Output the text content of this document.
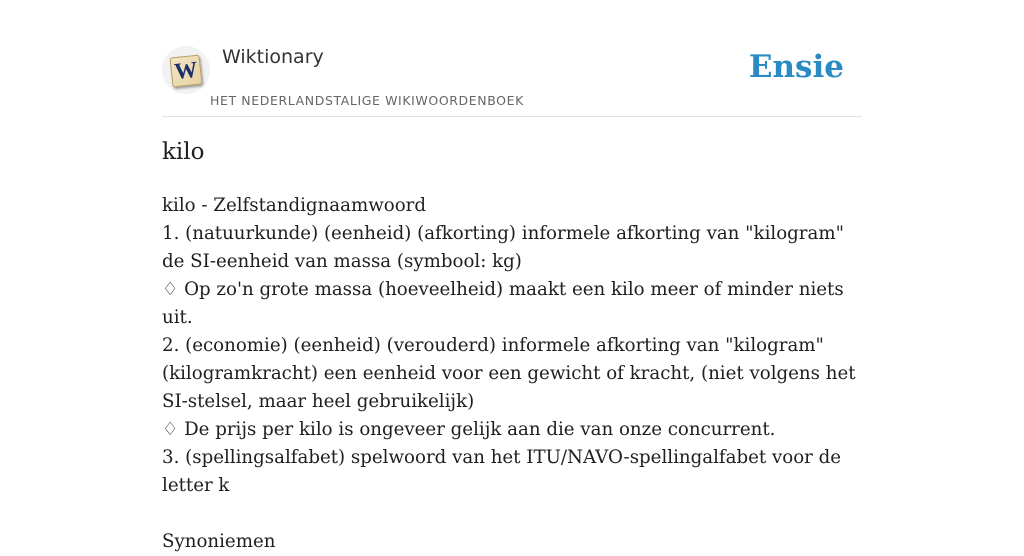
W Wiktionary
HET NEDERLANDSTALIGE WIKIWOORDENBOEK
Ensie
kilo
kilo - Zelfstandignaamwoord
1. (natuurkunde) (eenheid) (afkorting) informele afkorting van "kilogram" de SI-eenheid van massa (symbool: kg)
♢ Op zo'n grote massa (hoeveelheid) maakt een kilo meer of minder niets uit.
2. (economie) (eenheid) (verouderd) informele afkorting van "kilogram" (kilogramkracht) een eenheid voor een gewicht of kracht, (niet volgens het SI-stelsel, maar heel gebruikelijk)
♢ De prijs per kilo is ongeveer gelijk aan die van onze concurrent.
3. (spellingsalfabet) spelwoord van het ITU/NAVO-spellingalfabet voor de letter k
Synoniemen
